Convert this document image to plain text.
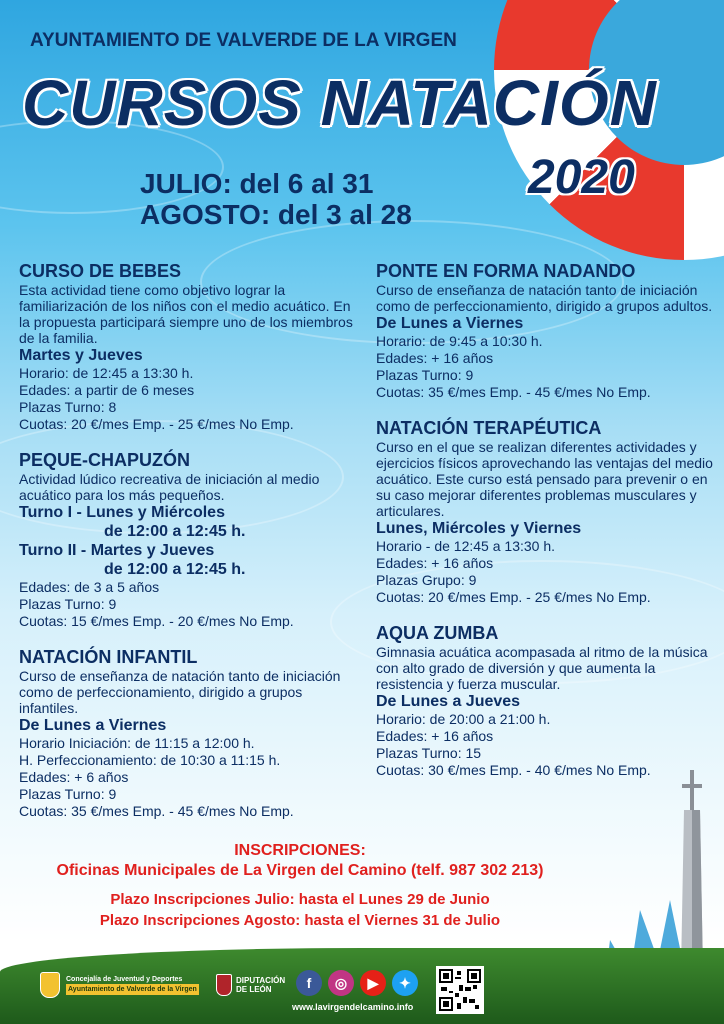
AYUNTAMIENTO DE VALVERDE DE LA VIRGEN
CURSOS NATACIÓN
2020
JULIO: del 6 al 31
AGOSTO: del 3 al 28
CURSO DE BEBES
Esta actividad tiene como objetivo lograr la familiarización de los niños con el medio acuático. En la propuesta participará siempre uno de los miembros de la familia.
Martes y Jueves
Horario: de 12:45 a 13:30 h.
Edades: a partir de 6 meses
Plazas Turno: 8
Cuotas: 20 €/mes Emp. - 25 €/mes No Emp.
PEQUE-CHAPUZÓN
Actividad lúdico recreativa de iniciación al medio acuático para los más pequeños.
Turno I - Lunes y Miércoles
de 12:00 a 12:45 h.
Turno II - Martes y Jueves
de 12:00 a 12:45 h.
Edades: de 3 a 5 años
Plazas Turno: 9
Cuotas: 15 €/mes Emp. - 20 €/mes No Emp.
NATACIÓN INFANTIL
Curso de enseñanza de natación tanto de iniciación como de perfeccionamiento, dirigido a grupos infantiles.
De Lunes a Viernes
Horario Iniciación: de 11:15 a 12:00 h.
H. Perfeccionamiento: de 10:30 a 11:15 h.
Edades: + 6 años
Plazas Turno: 9
Cuotas: 35 €/mes Emp. - 45 €/mes No Emp.
PONTE EN FORMA NADANDO
Curso de enseñanza de natación tanto de iniciación como de perfeccionamiento, dirigido a grupos adultos.
De Lunes a Viernes
Horario: de 9:45 a 10:30 h.
Edades: + 16 años
Plazas Turno: 9
Cuotas: 35 €/mes Emp. - 45 €/mes No Emp.
NATACIÓN TERAPÉUTICA
Curso en el que se realizan diferentes actividades y ejercicios físicos aprovechando las ventajas del medio acuático. Este curso está pensado para prevenir o en su caso mejorar diferentes problemas musculares y articulares.
Lunes, Miércoles y Viernes
Horario - de 12:45 a 13:30 h.
Edades: + 16 años
Plazas Grupo: 9
Cuotas: 20 €/mes Emp. - 25 €/mes No Emp.
AQUA ZUMBA
Gimnasia acuática acompasada al ritmo de la música con alto grado de diversión y que aumenta la resistencia y fuerza muscular.
De Lunes a Jueves
Horario: de 20:00 a 21:00 h.
Edades: + 16 años
Plazas Turno: 15
Cuotas: 30 €/mes Emp. - 40 €/mes No Emp.
INSCRIPCIONES:
Oficinas Municipales de La Virgen del Camino (telf. 987 302 213)
Plazo Inscripciones Julio: hasta el Lunes 29 de Junio
Plazo Inscripciones Agosto: hasta el Viernes 31 de Julio
Concejalía de Juventud y Deportes
Ayuntamiento de Valverde de la Virgen
DIPUTACIÓN
DE LEÓN	f	◎	▶	✦
www.lavirgendelcamino.info
